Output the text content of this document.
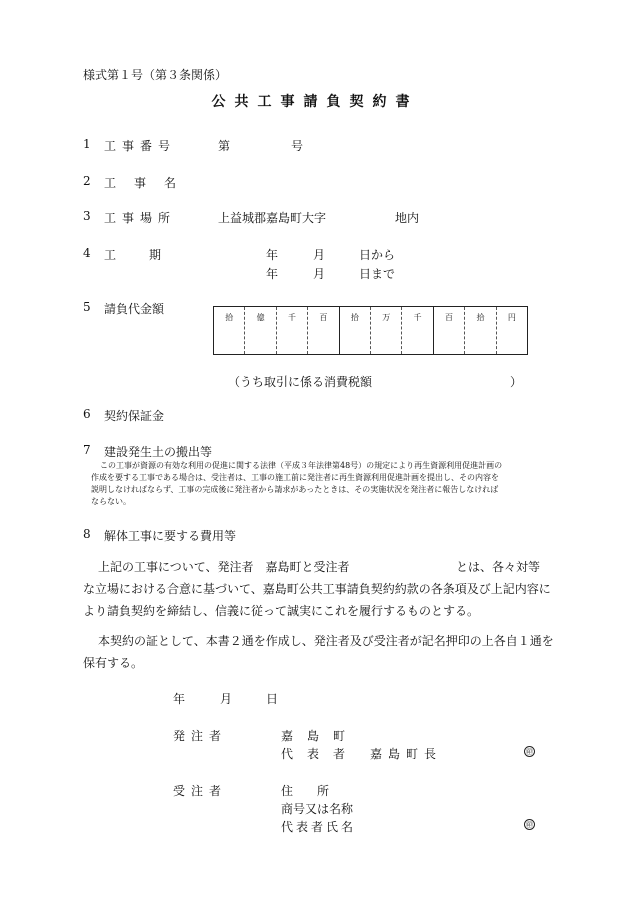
様式第１号（第３条関係）
公共工事請負契約書
1 工事番号	第	号
2 工　事　名
3 工事場所	上益城郡嘉島町大字	地内
4 工　　期	年	月	日から
年	月	日まで
5 請負代金額
拾	億	千	百	拾	万	千	百	拾	円
（うち取引に係る消費税額	）
6 契約保証金
7 建設発生土の搬出等
この工事が資源の有効な利用の促進に関する法律（平成３年法律第48号）の規定により再生資源利用促進計画の
作成を要する工事である場合は、受注者は、工事の施工前に発注者に再生資源利用促進計画を提出し、その内容を
説明しなければならず、工事の完成後に発注者から請求があったときは、その実施状況を発注者に報告しなければ
ならない。
8 解体工事に要する費用等
上記の工事について、発注者　嘉島町と受注者	とは、各々対等
な立場における合意に基づいて、嘉島町公共工事請負契約約款の各条項及び上記内容に
より請負契約を締結し、信義に従って誠実にこれを履行するものとする。
本契約の証として、本書２通を作成し、発注者及び受注者が記名押印の上各自１通を
保有する。
年	月	日
発注者	嘉島町
代表者 嘉島町長	㊞
受注者	住　　所
商号又は名称
代表者氏名	㊞
